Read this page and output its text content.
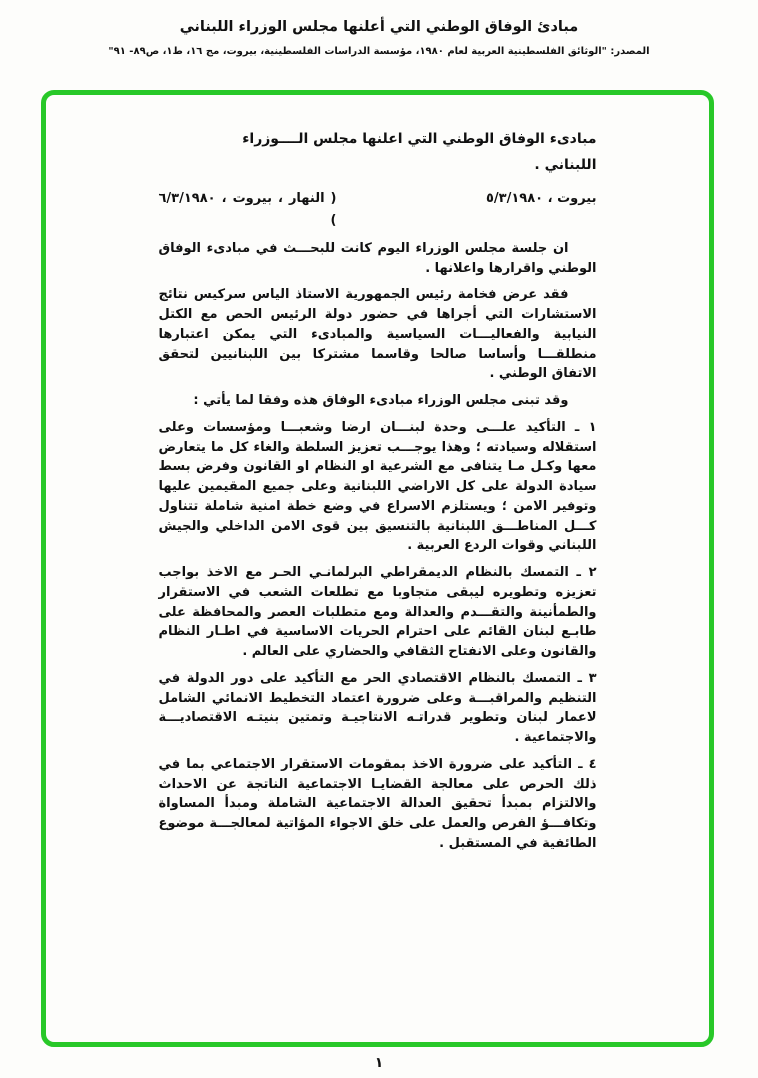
مبادئ الوفاق الوطني التي أعلنها مجلس الوزراء اللبناني
المصدر: "الوثائق الفلسطينية العربية لعام ١٩٨٠، مؤسسة الدراسات الفلسطينية، بيروت، مج ١٦، ط١، ص٨٩- ٩١"
مبادىء الوفاق الوطني التي اعلنها مجلس الــــوزراء
اللبناني .
بيروت ، ٥/٣/١٩٨٠
( النهار ، بيروت ، ٦/٣/١٩٨٠ )

ان جلسة مجلس الوزراء اليوم كانت للبحـــث في مبادىء الوفاق الوطني واقرارها واعلانها .

فقد عرض فخامة رئيس الجمهورية الاستاذ الياس سركيس نتائج الاستشارات التي أجراها في حضور دولة الرئيس الحص مع الكتل النيابية والفعاليـــات السياسية والمبادىء التي يمكن اعتبارها منطلقـــا وأساسا صالحا وقاسما مشتركا بين اللبنانيين لتحقق الاتفاق الوطني .

وقد تبنى مجلس الوزراء مبادىء الوفاق هذه وفقا لما يأتي :

١ ـ التأكيد علـــى وحدة لبنـــان ارضا وشعبـــا ومؤسسات وعلى استقلاله وسيادته ؛ وهذا يوجـــب تعزيز السلطة والغاء كل ما يتعارض معها وكـل مـا يتنافى مع الشرعية او النظام او القانون وفرض بسط سيادة الدولة على كل الاراضي اللبنانية وعلى جميع المقيمين عليها وتوفير الامن ؛ ويستلزم الاسراع في وضع خطة امنية شاملة تتناول كـــل المناطـــق اللبنانية بالتنسيق بين قوى الامن الداخلي والجيش اللبناني وقوات الردع العربية .

٢ ـ التمسك بالنظام الديمقراطي البرلمانـي الحـر مع الاخذ بواجب تعزيزه وتطويره ليبقى متجاوبا مع تطلعات الشعب في الاستقرار والطمأنينة والتقـــدم والعدالة ومع متطلبات العصر والمحافظة على طابـع لبنان القائم على احترام الحريات الاساسية في اطـار النظام والقانون وعلى الانفتاح الثقافي والحضاري على العالم .

٣ ـ التمسك بالنظام الاقتصادي الحر مع التأكيد على دور الدولة في التنظيم والمراقبـــة وعلى ضرورة اعتماد التخطيط الانمائي الشامل لاعمار لبنان وتطوير قدراتـه الانتاجيـة وتمتين بنيتـه الاقتصاديـــة والاجتماعية .

٤ ـ التأكيد على ضرورة الاخذ بمقومات الاستقرار الاجتماعي بما في ذلك الحرص على معالجة القضايـا الاجتماعية الناتجة عن الاحداث والالتزام بمبدأ تحقيق العدالة الاجتماعية الشاملة ومبدأ المساواة وتكافـــؤ الفرص والعمل على خلق الاجواء المؤاتية لمعالجـــة موضوع الطائفية في المستقبل .

١
